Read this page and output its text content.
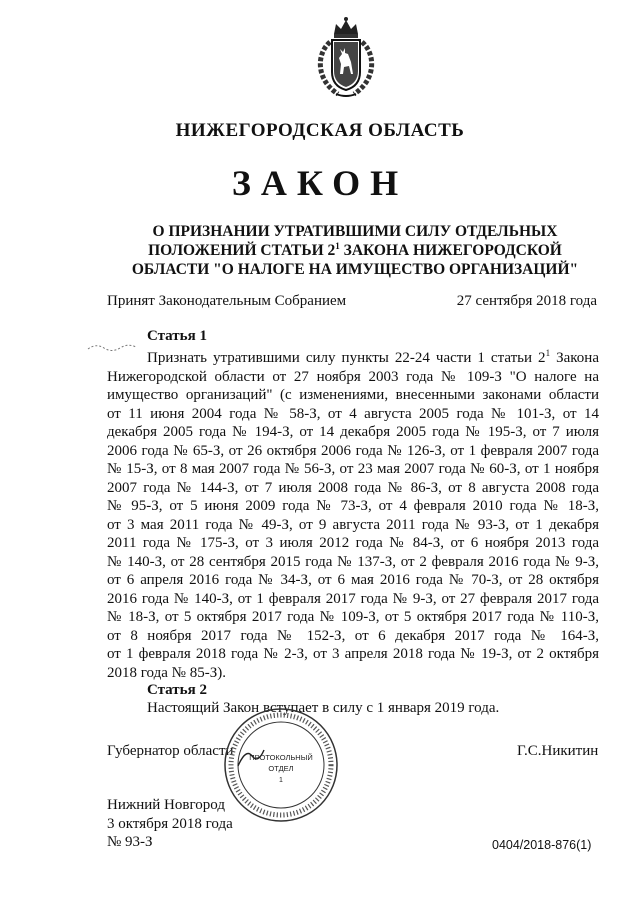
НИЖЕГОРОДСКАЯ ОБЛАСТЬ
ЗАКОН
О ПРИЗНАНИИ УТРАТИВШИМИ СИЛУ ОТДЕЛЬНЫХ
ПОЛОЖЕНИЙ СТАТЬИ $2^1$ ЗАКОНА НИЖЕГОРОДСКОЙ
ОБЛАСТИ "О НАЛОГЕ НА ИМУЩЕСТВО ОРГАНИЗАЦИЙ"
Принят Законодательным Собранием	27 сентября 2018 года
Статья 1
Признать утратившими силу пункты 22-24 части 1 статьи $2^1$ Закона
Нижегородской области от 27 ноября 2003 года № 109-З "О налоге на
имущество организаций" (с изменениями, внесенными законами области
от 11 июня 2004 года № 58-З, от 4 августа 2005 года № 101-З, от 14
декабря 2005 года № 194-З, от 14 декабря 2005 года № 195-З, от 7 июля
2006 года № 65-З, от 26 октября 2006 года № 126-З, от 1 февраля 2007 года
№ 15-З, от 8 мая 2007 года № 56-З, от 23 мая 2007 года № 60-З, от 1 ноября
2007 года № 144-З, от 7 июля 2008 года № 86-З, от 8 августа 2008 года
№ 95-З, от 5 июня 2009 года № 73-З, от 4 февраля 2010 года № 18-З,
от 3 мая 2011 года № 49-З, от 9 августа 2011 года № 93-З, от 1 декабря
2011 года № 175-З, от 3 июля 2012 года № 84-З, от 6 ноября 2013 года
№ 140-З, от 28 сентября 2015 года № 137-З, от 2 февраля 2016 года № 9-З,
от 6 апреля 2016 года № 34-З, от 6 мая 2016 года № 70-З, от 28 октября
2016 года № 140-З, от 1 февраля 2017 года № 9-З, от 27 февраля 2017 года
№ 18-З, от 5 октября 2017 года № 109-З, от 5 октября 2017 года № 110-З,
от 8 ноября 2017 года № 152-З, от 6 декабря 2017 года № 164-З,
от 1 февраля 2018 года № 2-З, от 3 апреля 2018 года № 19-З, от 2 октября
2018 года № 85-З).
Статья 2
Настоящий Закон вступает в силу с 1 января 2019 года.
Губернатор области ПРОТОКОЛЬНЫЙ
ОТДЕЛ
1
Г.С.Никитин
Нижний Новгород
3 октября 2018 года
№ 93-З	0404/2018-876(1)
